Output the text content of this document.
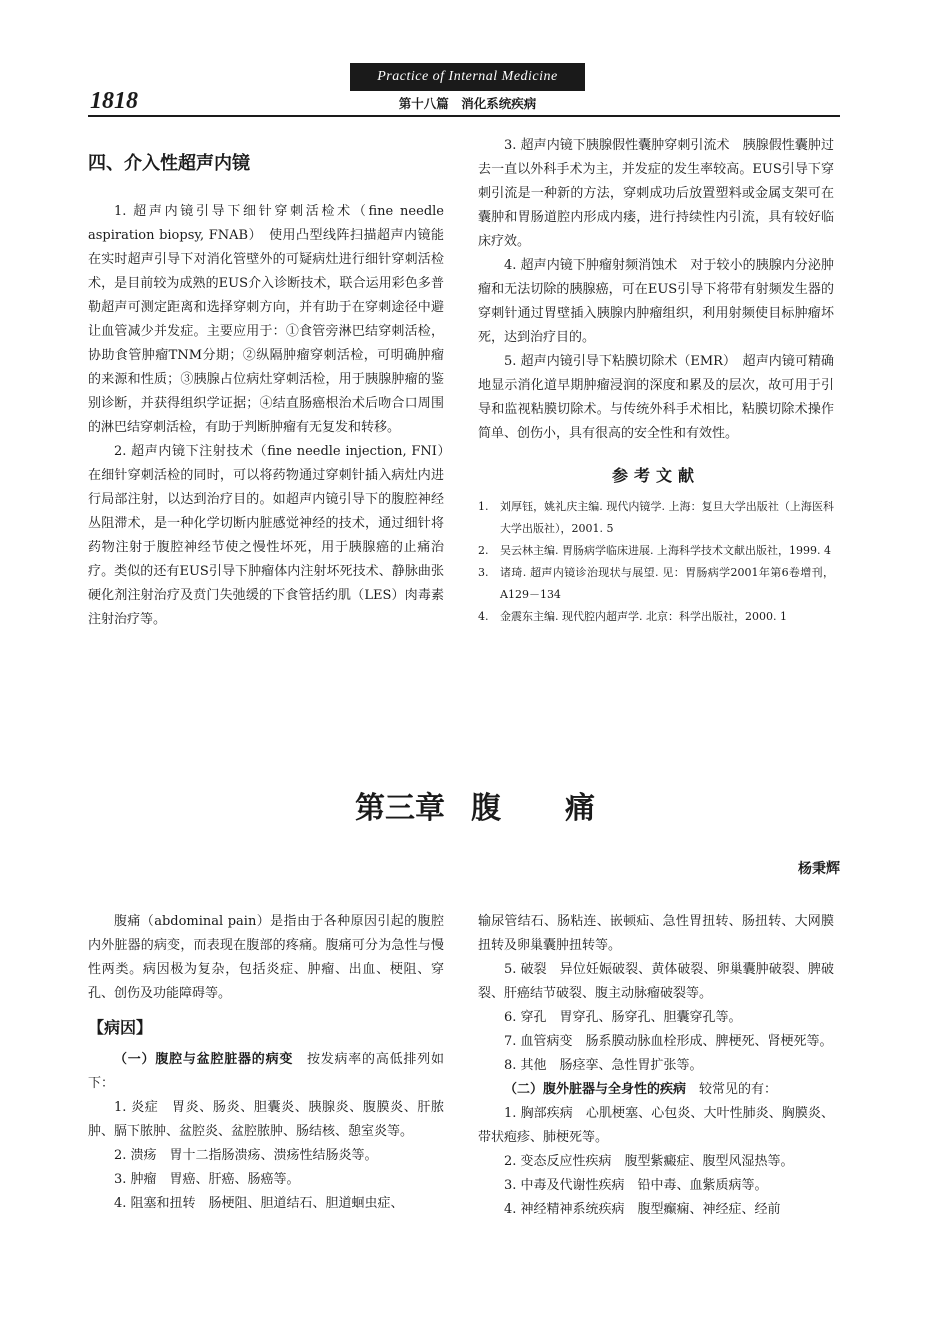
1818
Practice of Internal Medicine
第十八篇　消化系统疾病

四、介入性超声内镜

1. 超声内镜引导下细针穿刺活检术（fine needle aspiration biopsy, FNAB）　使用凸型线阵扫描超声内镜能在实时超声引导下对消化管壁外的可疑病灶进行细针穿刺活检术，是目前较为成熟的EUS介入诊断技术，联合运用彩色多普勒超声可测定距离和选择穿刺方向，并有助于在穿刺途径中避让血管减少并发症。主要应用于：①食管旁淋巴结穿刺活检，协助食管肿瘤TNM分期；②纵隔肿瘤穿刺活检，可明确肿瘤的来源和性质；③胰腺占位病灶穿刺活检，用于胰腺肿瘤的鉴别诊断，并获得组织学证据；④结直肠癌根治术后吻合口周围的淋巴结穿刺活检，有助于判断肿瘤有无复发和转移。

2. 超声内镜下注射技术（fine needle injection, FNI）　在细针穿刺活检的同时，可以将药物通过穿刺针插入病灶内进行局部注射，以达到治疗目的。如超声内镜引导下的腹腔神经丛阻滞术，是一种化学切断内脏感觉神经的技术，通过细针将药物注射于腹腔神经节使之慢性坏死，用于胰腺癌的止痛治疗。类似的还有EUS引导下肿瘤体内注射坏死技术、静脉曲张硬化剂注射治疗及贲门失弛缓的下食管括约肌（LES）肉毒素注射治疗等。

3. 超声内镜下胰腺假性囊肿穿刺引流术　胰腺假性囊肿过去一直以外科手术为主，并发症的发生率较高。EUS引导下穿刺引流是一种新的方法，穿刺成功后放置塑料或金属支架可在囊肿和胃肠道腔内形成内瘘，进行持续性内引流，具有较好临床疗效。

4. 超声内镜下肿瘤射频消蚀术　对于较小的胰腺内分泌肿瘤和无法切除的胰腺癌，可在EUS引导下将带有射频发生器的穿刺针通过胃壁插入胰腺内肿瘤组织，利用射频使目标肿瘤坏死，达到治疗目的。

5. 超声内镜引导下粘膜切除术（EMR）　超声内镜可精确地显示消化道早期肿瘤浸润的深度和累及的层次，故可用于引导和监视粘膜切除术。与传统外科手术相比，粘膜切除术操作简单、创伤小，具有很高的安全性和有效性。

参考文献
1.	刘厚钰，姚礼庆主编. 现代内镜学. 上海：复旦大学出版社（上海医科大学出版社），2001. 5
2.	吴云林主编. 胃肠病学临床进展. 上海科学技术文献出版社，1999. 4
3.	诸琦. 超声内镜诊治现状与展望. 见：胃肠病学2001年第6卷增刊，A129－134
4.	金震东主编. 现代腔内超声学. 北京：科学出版社，2000. 1
第三章 腹 痛
杨秉辉

腹痛（abdominal pain）是指由于各种原因引起的腹腔内外脏器的病变，而表现在腹部的疼痛。腹痛可分为急性与慢性两类。病因极为复杂，包括炎症、肿瘤、出血、梗阻、穿孔、创伤及功能障碍等。

【病因】

（一）腹腔与盆腔脏器的病变　 按发病率的高低排列如下：

1. 炎症　胃炎、肠炎、胆囊炎、胰腺炎、腹膜炎、肝脓肿、膈下脓肿、盆腔炎、盆腔脓肿、肠结核、憩室炎等。

2. 溃疡　胃十二指肠溃疡、溃疡性结肠炎等。

3. 肿瘤　胃癌、肝癌、肠癌等。

4. 阻塞和扭转　肠梗阻、胆道结石、胆道蛔虫症、

输尿管结石、肠粘连、嵌顿疝、急性胃扭转、肠扭转、大网膜扭转及卵巢囊肿扭转等。

5. 破裂　异位妊娠破裂、黄体破裂、卵巢囊肿破裂、脾破裂、肝癌结节破裂、腹主动脉瘤破裂等。

6. 穿孔　胃穿孔、肠穿孔、胆囊穿孔等。

7. 血管病变　肠系膜动脉血栓形成、脾梗死、肾梗死等。

8. 其他　肠痉挛、急性胃扩张等。

（二）腹外脏器与全身性的疾病　 较常见的有：

1. 胸部疾病　心肌梗塞、心包炎、大叶性肺炎、胸膜炎、带状疱疹、肺梗死等。

2. 变态反应性疾病　腹型紫癜症、腹型风湿热等。

3. 中毒及代谢性疾病　铅中毒、血紫质病等。

4. 神经精神系统疾病　腹型癫痫、神经症、经前
